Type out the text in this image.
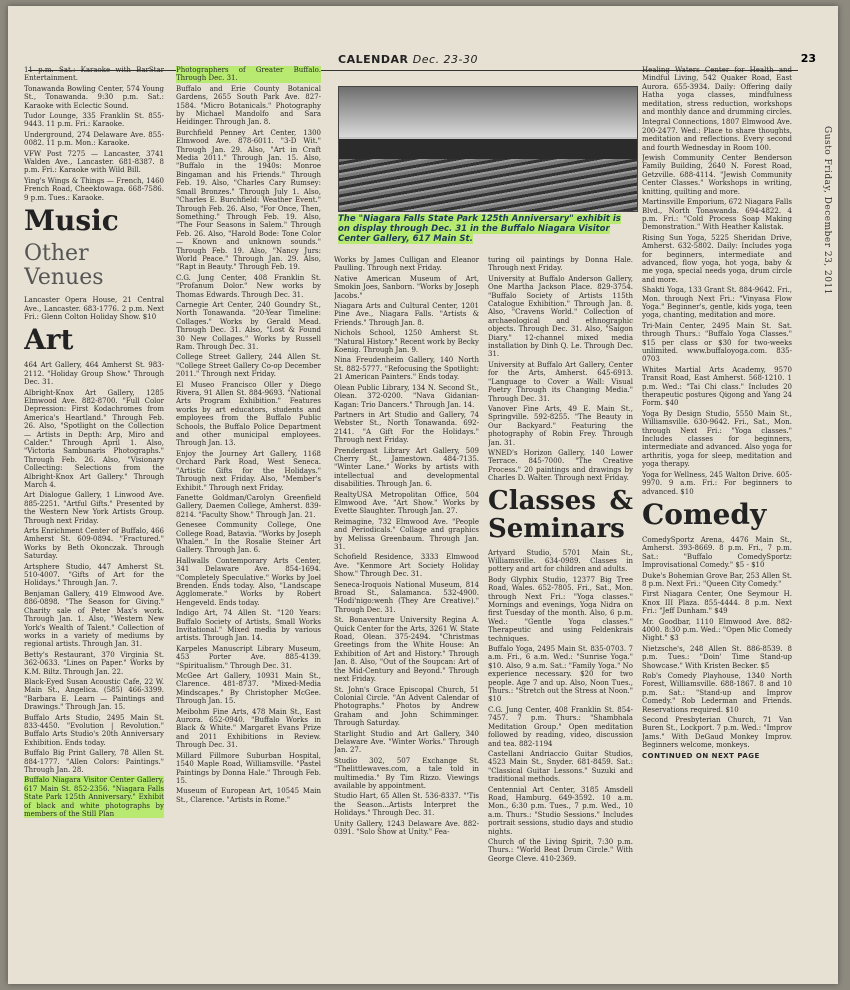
CALENDAR Dec. 23-30	23
Gusto Friday, December 23, 2011

11 p.m. Sat.: Karaoke with BarStar Entertainment.

Tonawanda Bowling Center, 574 Young St., Tonawanda. 9:30 p.m. Sat.: Karaoke with Eclectic Sound.

Tudor Lounge, 335 Franklin St. 855-9443. 11 p.m. Fri.: Karaoke.

Underground, 274 Delaware Ave. 855-0082. 11 p.m. Mon.: Karaoke.

VFW Post 7275 — Lancaster, 3741 Walden Ave., Lancaster. 681-8387. 8 p.m. Fri.: Karaoke with Wild Bill.

Ying's Wings & Things — French, 1460 French Road, Cheektowaga. 668-7586. 9 p.m. Tues.: Karaoke.

Music
Other Venues

Lancaster Opera House, 21 Central Ave., Lancaster. 683-1776. 2 p.m. Next Fri.: Glenn Colton Holiday Show. $10

Art

464 Art Gallery, 464 Amherst St. 983-2112. "Holiday Group Show." Through Dec. 31.

Albright-Knox Art Gallery, 1285 Elmwood Ave. 882-8700. "Full Color Depression: First Kodachromes from America's Heartland." Through Feb. 26. Also, "Spotlight on the Collection — Artists in Depth: Arp, Miro and Calder." Through April 1. Also, "Victoria Sambunaris Photographs." Through Feb. 26. Also, "Visionary Collecting: Selections from the Albright-Knox Art Gallery." Through March 4.

Art Dialogue Gallery, 1 Linwood Ave. 885-2251. "Artful Gifts." Presented by the Western New York Artists Group. Through next Friday.

Arts Enrichment Center of Buffalo, 466 Amherst St. 609-0894. "Fractured." Works by Beth Okonczak. Through Saturday.

Artsphere Studio, 447 Amherst St. 510-4007. "Gifts of Art for the Holidays." Through Jan. 7.

Benjaman Gallery, 419 Elmwood Ave. 886-0898. "The Season for Giving." Charity sale of Peter Max's work. Through Jan. 1. Also, "Western New York's Wealth of Talent." Collection of works in a variety of mediums by regional artists. Through Jan. 31.

Betty's Restaurant, 370 Virginia St. 362-0633. "Lines on Paper." Works by K.M. Biltz. Through Jan. 22.

Black-Eyed Susan Acoustic Cafe, 22 W. Main St., Angelica. (585) 466-3399. "Barbara E. Learn — Paintings and Drawings." Through Jan. 15.

Buffalo Arts Studio, 2495 Main St. 833-4450. "Evolution | Revolution." Buffalo Arts Studio's 20th Anniversary Exhibition. Ends today.

Buffalo Big Print Gallery, 78 Allen St. 884-1777. "Allen Colors: Paintings." Through Jan. 28.

Buffalo Niagara Visitor Center Gallery, 617 Main St. 852-2356. "Niagara Falls State Park 125th Anniversary." Exhibit of black and white photographs by members of the Still Plan

Photographers of Greater Buffalo. Through Dec. 31.

Buffalo and Erie County Botanical Gardens, 2655 South Park Ave. 827-1584. "Micro Botanicals." Photography by Michael Mandolfo and Sara Heidinger. Through Jan. 8.

Burchfield Penney Art Center, 1300 Elmwood Ave. 878-6011. "3-D Wit." Through Jan. 29. Also, "Art in Craft Media 2011." Through Jan. 15. Also, "Buffalo in the 1940s: Monroe Bingaman and his Friends." Through Feb. 19. Also, "Charles Cary Rumsey: Small Bronzes." Through July 1. Also, "Charles E. Burchfield: Weather Event." Through Feb. 26. Also, "For Once, Then, Something." Through Feb. 19. Also, "The Four Seasons in Salem." Through Feb. 26. Also, "Harold Bode: Tone Color — Known and unknown sounds." Through Feb. 19. Also, "Nancy Jurs: World Peace." Through Jan. 29. Also, "Rapt in Beauty." Through Feb. 19.

C.G. Jung Center, 408 Franklin St. "Profanum Dolor." New works by Thomas Edwards. Through Dec. 31.

Carnegie Art Center, 240 Goundry St., North Tonawanda. "20-Year Timeline: Collages." Works by Gerald Mead. Through Dec. 31. Also, "Lost & Found 30 New Collages." Works by Russell Ram. Through Dec. 31.

College Street Gallery, 244 Allen St. "College Street Gallery Co-op December 2011." Through next Friday.

El Museo Francisco Oller y Diego Rivera, 91 Allen St. 884-9693. "National Arts Program Exhibition." Features works by art educators, students and employees from the Buffalo Public Schools, the Buffalo Police Department and other municipal employees. Through Jan. 13.

Enjoy the Journey Art Gallery, 1168 Orchard Park Road, West Seneca. "Artistic Gifts for the Holidays." Through next Friday. Also, "Member's Exhibit." Through next Friday.

Fanette Goldman/Carolyn Greenfield Gallery, Daemen College, Amherst. 839-8214. "Faculty Show." Through Jan. 21.

Genesee Community College, One College Road, Batavia. "Works by Joseph Whalen." In the Rosalie Steiner Art Gallery. Through Jan. 6.

Hallwalls Contemporary Arts Center, 341 Delaware Ave. 854-1694. "Completely Speculative." Works by Joel Brenden. Ends today. Also, "Landscape Agglomerate." Works by Robert Hengeveld. Ends today.

Indigo Art, 74 Allen St. "120 Years: Buffalo Society of Artists, Small Works Invitational." Mixed media by various artists. Through Jan. 14.

Karpeles Manuscript Library Museum, 453 Porter Ave. 885-4139. "Spiritualism." Through Dec. 31.

McGee Art Gallery, 10931 Main St., Clarence. 481-8737. "Mixed-Media Mindscapes." By Christopher McGee. Through Jan. 15.

Meibohm Fine Arts, 478 Main St., East Aurora. 652-0940. "Buffalo Works in Black & White." Margaret Evans Prize and 2011 Exhibitions in Review. Through Dec. 31.

Millard Fillmore Suburban Hospital, 1540 Maple Road, Williamsville. "Pastel Paintings by Donna Hale." Through Feb. 15.

Museum of European Art, 10545 Main St., Clarence. "Artists in Rome."

The "Niagara Falls State Park 125th Anniversary" exhibit is on display through Dec. 31 in the Buffalo Niagara Visitor Center Gallery, 617 Main St.

Works by James Culligan and Eleanor Paulling. Through next Friday.

Native American Museum of Art, Smokin Joes, Sanborn. "Works by Joseph Jacobs."

Niagara Arts and Cultural Center, 1201 Pine Ave., Niagara Falls. "Artists & Friends." Through Jan. 8.

Nichols School, 1250 Amherst St. "Natural History." Recent work by Becky Koenig. Through Jan. 9.

Nina Freudenheim Gallery, 140 North St. 882-5777. "Refocusing the Spotlight: 21 American Painters." Ends today.

Olean Public Library, 134 N. Second St., Olean. 372-0200. "Nava Gidanian-Kagan: Trio Dancers." Through Jan. 14.

Partners in Art Studio and Gallery, 74 Webster St., North Tonawanda. 692-2141. "A Gift For the Holidays." Through next Friday.

Prendergast Library Art Gallery, 509 Cherry St., Jamestown. 484-7135. "Winter Lane." Works by artists with intellectual and developmental disabilities. Through Jan. 6.

RealtyUSA Metropolitan Office, 504 Elmwood Ave. "Art Show." Works by Evette Slaughter. Through Jan. 27.

Reimagine, 732 Elmwood Ave. "People and Periodicals." Collage and graphics by Melissa Greenbaum. Through Jan. 31.

Schofield Residence, 3333 Elmwood Ave. "Kenmore Art Society Holiday Show." Through Dec. 31.

Seneca-Iroquois National Museum, 814 Broad St., Salamanca. 532-4900. "Hodi'nigo:wenh (They Are Creative)." Through Dec. 31.

St. Bonaventure University Regina A. Quick Center for the Arts, 3261 W. State Road, Olean. 375-2494. "Christmas Greetings from the White House: An Exhibition of Art and History." Through Jan. 8. Also, "Out of the Soupcan: Art of the Mid-Century and Beyond." Through next Friday.

St. John's Grace Episcopal Church, 51 Colonial Circle. "An Advent Calendar of Photographs." Photos by Andrew Graham and John Schimminger. Through Saturday.

Starlight Studio and Art Gallery, 340 Delaware Ave. "Winter Works." Through Jan. 27.

Studio 302, 507 Exchange St. "Thelittlewaves.com, a tale told in multimedia." By Tim Rizzo. Viewings available by appointment.

Studio Hart, 65 Allen St. 536-8337. "'Tis the Season...Artists Interpret the Holidays." Through Dec. 31.

Unity Gallery, 1243 Delaware Ave. 882-0391. "Solo Show at Unity." Fea-

turing oil paintings by Donna Hale. Through next Friday.

University at Buffalo Anderson Gallery, One Martha Jackson Place. 829-3754. "Buffalo Society of Artists 115th Catalogue Exhibition." Through Jan. 8. Also, "Cravens World." Collection of archaeological and ethnographic objects. Through Dec. 31. Also, "Saigon Diary." 12-channel mixed media installation by Dinh Q. Le. Through Dec. 31.

University at Buffalo Art Gallery, Center for the Arts, Amherst. 645-6913. "Language to Cover a Wall: Visual Poetry Through its Changing Media." Through Dec. 31.

Vanover Fine Arts, 49 E. Main St., Springville. 592-8255. "The Beauty in Our Backyard." Featuring the photography of Robin Frey. Through Jan. 31.

WNED's Horizon Gallery, 140 Lower Terrace. 845-7000. "The Creative Process." 20 paintings and drawings by Charles D. Walter. Through next Friday.

Classes & Seminars

Artyard Studio, 5701 Main St., Williamsville. 634-0989. Classes in pottery and art for children and adults.

Body Glyphix Studio, 12377 Big Tree Road, Wales. 652-7805. Fri., Sat., Mon. through Next Fri.: "Yoga classes." Mornings and evenings, Yoga Nidra on first Tuesday of the month. Also, 6 p.m. Wed.: "Gentle Yoga classes." Therapeutic and using Feldenkrais techniques.

Buffalo Yoga, 2495 Main St. 835-0703. 7 a.m. Fri., 6 a.m. Wed.: "Sunrise Yoga." $10. Also, 9 a.m. Sat.: "Family Yoga." No experience necessary. $20 for two people. Age 7 and up. Also, Noon Tues., Thurs.: "Stretch out the Stress at Noon." $10

C.G. Jung Center, 408 Franklin St. 854-7457. 7 p.m. Thurs.: "Shambhala Meditation Group." Open meditation followed by reading, video, discussion and tea. 882-1194

Castellani Andriaccio Guitar Studios, 4523 Main St., Snyder. 681-8459. Sat.: "Classical Guitar Lessons." Suzuki and traditional methods.

Centennial Art Center, 3185 Amsdell Road, Hamburg. 649-3592. 10 a.m. Mon., 6:30 p.m. Tues., 7 p.m. Wed., 10 a.m. Thurs.: "Studio Sessions." Includes portrait sessions, studio days and studio nights.

Church of the Living Spirit, 7:30 p.m. Thurs.: "World Beat Drum Circle." With George Cleve. 410-2369.

Healing Waters Center for Health and Mindful Living, 542 Quaker Road, East Aurora. 655-3934. Daily: Offering daily Hatha yoga classes, mindfulness meditation, stress reduction, workshops and monthly dance and drumming circles.

Integral Connections, 1807 Elmwood Ave. 200-2477. Wed.: Place to share thoughts, meditation and reflections. Every second and fourth Wednesday in Room 100.

Jewish Community Center Benderson Family Building, 2640 N. Forest Road, Getzville. 688-4114. "Jewish Community Center Classes." Workshops in writing, knitting, quilting and more.

Martinsville Emporium, 672 Niagara Falls Blvd., North Tonawanda. 694-4822. 4 p.m. Fri.: "Cold Process Soap Making Demonstration." With Heather Kalistak.

Rising Sun Yoga, 5225 Sheridan Drive, Amherst. 632-5802. Daily: Includes yoga for beginners, intermediate and advanced, flow yoga, hot yoga, baby & me yoga, special needs yoga, drum circle and more.

Shakti Yoga, 133 Grant St. 884-9642. Fri., Mon. through Next Fri.: "Vinyasa Flow Yoga." Beginner's, gentle, kids yoga, teen yoga, chanting, meditation and more.

Tri-Main Center, 2495 Main St. Sat. through Thurs.: "Buffalo Yoga Classes." $15 per class or $30 for two-weeks unlimited. www.buffaloyoga.com. 835-0703

Whites Martial Arts Academy, 9570 Transit Road, East Amherst. 568-1210. 1 p.m. Wed.: "Tai Chi class." Includes 20 therapeutic postures Qigong and Yang 24 Form. $40

Yoga By Design Studio, 5550 Main St., Williamsville. 630-9642. Fri., Sat., Mon. through Next Fri.: "Yoga classes." Includes classes for beginners, intermediate and advanced. Also yoga for arthritis, yoga for sleep, meditation and yoga therapy.

Yoga for Wellness, 245 Walton Drive. 605-9970. 9 a.m. Fri.: For beginners to advanced. $10

Comedy

ComedySportz Arena, 4476 Main St., Amherst. 393-8669. 8 p.m. Fri., 7 p.m. Sat.: "Buffalo ComedySportz: Improvisational Comedy." $5 - $10

Duke's Bohemian Grove Bar, 253 Allen St. 8 p.m. Next Fri.: "Queen City Comedy."

First Niagara Center, One Seymour H. Knox III Plaza. 855-4444. 8 p.m. Next Fri.: "Jeff Dunham." $49

Mr. Goodbar, 1110 Elmwood Ave. 882-4000. 8:30 p.m. Wed.: "Open Mic Comedy Night." $3

Nietzsche's, 248 Allen St. 886-8539. 8 p.m. Tues.: "Doin' Time Stand-up Showcase." With Kristen Becker. $5

Rob's Comedy Playhouse, 1340 North Forest, Williamsville. 688-1867. 8 and 10 p.m. Sat.: "Stand-up and Improv Comedy." Rob Lederman and Friends. Reservations required. $10

Second Presbyterian Church, 71 Van Buren St., Lockport. 7 p.m. Wed.: "Improv Jams." With DeGaud Monkey Improv. Beginners welcome, monkeys.

CONTINUED ON NEXT PAGE
